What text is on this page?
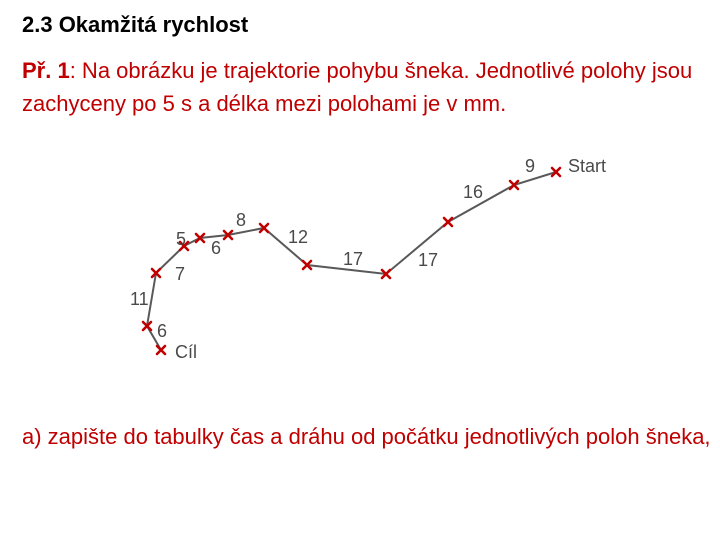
2.3 Okamžitá rychlost
Př. 1: Na obrázku je trajektorie pohybu šneka. Jednotlivé polohy jsou zachyceny po 5 s a délka mezi polohami je v mm.
Start
Cíl
9
16
17
17
12
8
6
5
7
11
6
a) zapište do tabulky čas a dráhu od počátku jednotlivých poloh šneka,
